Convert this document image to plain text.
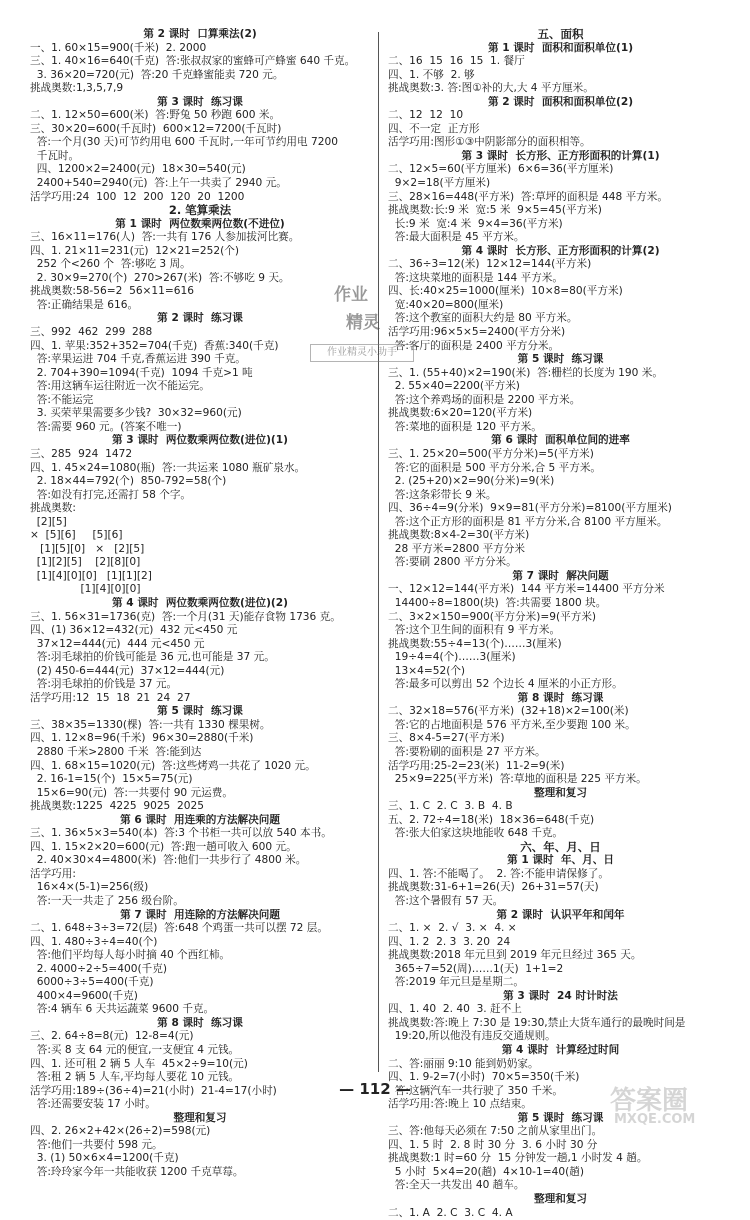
第 2 课时  口算乘法(2)
一、1. 60×15=900(千米)  2. 2000
三、1. 40×16=640(千克)  答:张叔叔家的蜜蜂可产蜂蜜 640 千克。
3. 36×20=720(元)  答:20 千克蜂蜜能卖 720 元。
挑战奥数:1,3,5,7,9
第 3 课时  练习课
二、1. 12×50=600(米)  答:野兔 50 秒跑 600 米。
三、30×20=600(千瓦时)  600×12=7200(千瓦时)
答:一个月(30 天)可节约用电 600 千瓦时,一年可节约用电 7200
千瓦时。
四、1200×2=2400(元)  18×30=540(元)
2400+540=2940(元)  答:上午一共卖了 2940 元。
活学巧用:24  100  12  200  120  20  1200
2. 笔算乘法
第 1 课时  两位数乘两位数(不进位)
三、16×11=176(人)  答:一共有 176 人参加拔河比赛。
四、1. 21×11=231(元)  12×21=252(个)
252 个<260 个  答:够吃 3 周。
2. 30×9=270(个)  270>267(米)  答:不够吃 9 天。
挑战奥数:58-56=2  56×11=616
答:正确结果是 616。
第 2 课时  练习课
三、992  462  299  288
四、1. 苹果:352+352=704(千克)  香蕉:340(千克)
答:苹果运进 704 千克,香蕉运进 390 千克。
2. 704+390=1094(千克)  1094 千克>1 吨
答:用这辆车运往附近一次不能运完。
答:不能运完
3. 买荣苹果需要多少钱?  30×32=960(元)
答:需要 960 元。(答案不唯一)
第 3 课时  两位数乘两位数(进位)(1)
三、285  924  1472
四、1. 45×24=1080(瓶)  答:一共运来 1080 瓶矿泉水。
2. 18×44=792(个)  850-792=58(个)
答:如没有打完,还需打 58 个字。
挑战奥数:
[2][5]
×  [5][6]     [5][6]
[1][5][0]   ×   [2][5]
[1][2][5]    [2][8][0]
[1][4][0][0]   [1][1][2]
[1][4][0][0]
第 4 课时  两位数乘两位数(进位)(2)
三、1. 56×31=1736(克)  答:一个月(31 天)能存食物 1736 克。
四、(1) 36×12=432(元)  432 元<450 元
37×12=444(元)  444 元<450 元
答:羽毛球拍的价钱可能是 36 元,也可能是 37 元。
(2) 450-6=444(元)  37×12=444(元)
答:羽毛球拍的价钱是 37 元。
活学巧用:12  15  18  21  24  27
第 5 课时  练习课
三、38×35=1330(棵)  答:一共有 1330 棵果树。
四、1. 12×8=96(千米)  96×30=2880(千米)
2880 千米>2800 千米  答:能到达
四、1. 68×15=1020(元)  答:这些烤鸡一共花了 1020 元。
2. 16-1=15(个)  15×5=75(元)
15×6=90(元)  答:一共要付 90 元运费。
挑战奥数:1225  4225  9025  2025
第 6 课时  用连乘的方法解决问题
三、1. 36×5×3=540(本)  答:3 个书柜一共可以放 540 本书。
四、1. 15×2×20=600(元)  答:跑一趟可收入 600 元。
2. 40×30×4=4800(米)  答:他们一共步行了 4800 米。
活学巧用:
16×4×(5-1)=256(级)
答:一天一共走了 256 级台阶。
第 7 课时  用连除的方法解决问题
二、1. 648÷3÷3=72(层)  答:648 个鸡蛋一共可以摆 72 层。
四、1. 480÷3÷4=40(个)
答:他们平均每人每小时摘 40 个西红柿。
2. 4000÷2÷5=400(千克)
6000÷3÷5=400(千克)
400×4=9600(千克)
答:4 辆车 6 天共运蔬菜 9600 千克。
第 8 课时  练习课
三、2. 64÷8=8(元)  12-8=4(元)
答:买 8 支 64 元的便宜,一支便宜 4 元钱。
四、1. 还可租 2 辆 5 人车  45×2÷9=10(元)
答:租 2 辆 5 人车,平均每人要花 10 元钱。
活学巧用:189÷(36÷4)=21(小时)  21-4=17(小时)
答:还需要安装 17 小时。
整理和复习
四、2. 26×2+42×(26÷2)=598(元)
答:他们一共要付 598 元。
3. (1) 50×6×4=1200(千克)
答:玲玲家今年一共能收获 1200 千克草莓。
五、面积
第 1 课时  面积和面积单位(1)
二、16  15  16  15  1. 餐厅
四、1. 不够  2. 够
挑战奥数:3. 答:图①补的大,大 4 平方厘米。
第 2 课时  面积和面积单位(2)
二、12  12  10
四、不一定  正方形
活学巧用:图形①③中阴影部分的面积相等。
第 3 课时  长方形、正方形面积的计算(1)
二、12×5=60(平方厘米)  6×6=36(平方厘米)
9×2=18(平方厘米)
三、28×16=448(平方米)  答:草坪的面积是 448 平方米。
挑战奥数:长:9 米  宽:5 米  9×5=45(平方米)
长:9 米  宽:4 米  9×4=36(平方米)
答:最大面积是 45 平方米。
第 4 课时  长方形、正方形面积的计算(2)
二、36÷3=12(米)  12×12=144(平方米)
答:这块菜地的面积是 144 平方米。
四、长:40×25=1000(厘米)  10×8=80(平方米)
宽:40×20=800(厘米)
答:这个教室的面积大约是 80 平方米。
活学巧用:96×5×5=2400(平方分米)
答:客厅的面积是 2400 平方分米。
第 5 课时  练习课
三、1. (55+40)×2=190(米)  答:栅栏的长度为 190 米。
2. 55×40=2200(平方米)
答:这个养鸡场的面积是 2200 平方米。
挑战奥数:6×20=120(平方米)
答:菜地的面积是 120 平方米。
第 6 课时  面积单位间的进率
三、1. 25×20=500(平方分米)=5(平方米)
答:它的面积是 500 平方分米,合 5 平方米。
2. (25+20)×2=90(分米)=9(米)
答:这条彩带长 9 米。
四、36÷4=9(分米)  9×9=81(平方分米)=8100(平方厘米)
答:这个正方形的面积是 81 平方分米,合 8100 平方厘米。
挑战奥数:8×4-2=30(平方米)
28 平方米=2800 平方分米
答:要刷 2800 平方分米。
第 7 课时  解决问题
一、12×12=144(平方米)  144 平方米=14400 平方分米
14400÷8=1800(块)  答:共需要 1800 块。
二、3×2×150=900(平方分米)=9(平方米)
答:这个卫生间的面积有 9 平方米。
挑战奥数:55÷4=13(个)……3(厘米)
19÷4=4(个)……3(厘米)
13×4=52(个)
答:最多可以剪出 52 个边长 4 厘米的小正方形。
第 8 课时  练习课
二、32×18=576(平方米)  (32+18)×2=100(米)
答:它的占地面积是 576 平方米,至少要跑 100 米。
三、8×4-5=27(平方米)
答:要粉刷的面积是 27 平方米。
活学巧用:25-2=23(米)  11-2=9(米)
25×9=225(平方米)  答:草地的面积是 225 平方米。
整理和复习
三、1. C  2. C  3. B  4. B
五、2. 72÷4=18(米)  18×36=648(千克)
答:张大伯家这块地能收 648 千克。
六、年、月、日
第 1 课时  年、月、日
四、1. 答:不能喝了。  2. 答:不能申请保修了。
挑战奥数:31-6+1=26(天)  26+31=57(天)
答:这个暑假有 57 天。
第 2 课时  认识平年和闰年
二、1. ×  2. √  3. ×  4. ×
四、1. 2  2. 3  3. 20  24
挑战奥数:2018 年元旦到 2019 年元旦经过 365 天。
365÷7=52(周)……1(天)  1+1=2
答:2019 年元旦是星期二。
第 3 课时  24 时计时法
四、1. 40  2. 40  3. 赶不上
挑战奥数:答:晚上 7:30 是 19:30,禁止大货车通行的最晚时间是
19:20,所以他没有违反交通规则。
第 4 课时  计算经过时间
二、答:丽丽 9:10 能到奶奶家。
四、1. 9-2=7(小时)  70×5=350(千米)
答:这辆汽车一共行驶了 350 千米。
活学巧用:答:晚上 10 点结束。
第 5 课时  练习课
三、答:他每天必须在 7:50 之前从家里出门。
四、1. 5 时  2. 8 时 30 分  3. 6 小时 30 分
挑战奥数:1 时=60 分  15 分钟发一趟,1 小时发 4 趟。
5 小时  5×4=20(趟)  4×10-1=40(趟)
答:全天一共发出 40 趟车。
整理和复习
二、1. A  2. C  3. C  4. A
作业
精灵
作业精灵小助手
— 112 —	答案圈
MXQE.COM
